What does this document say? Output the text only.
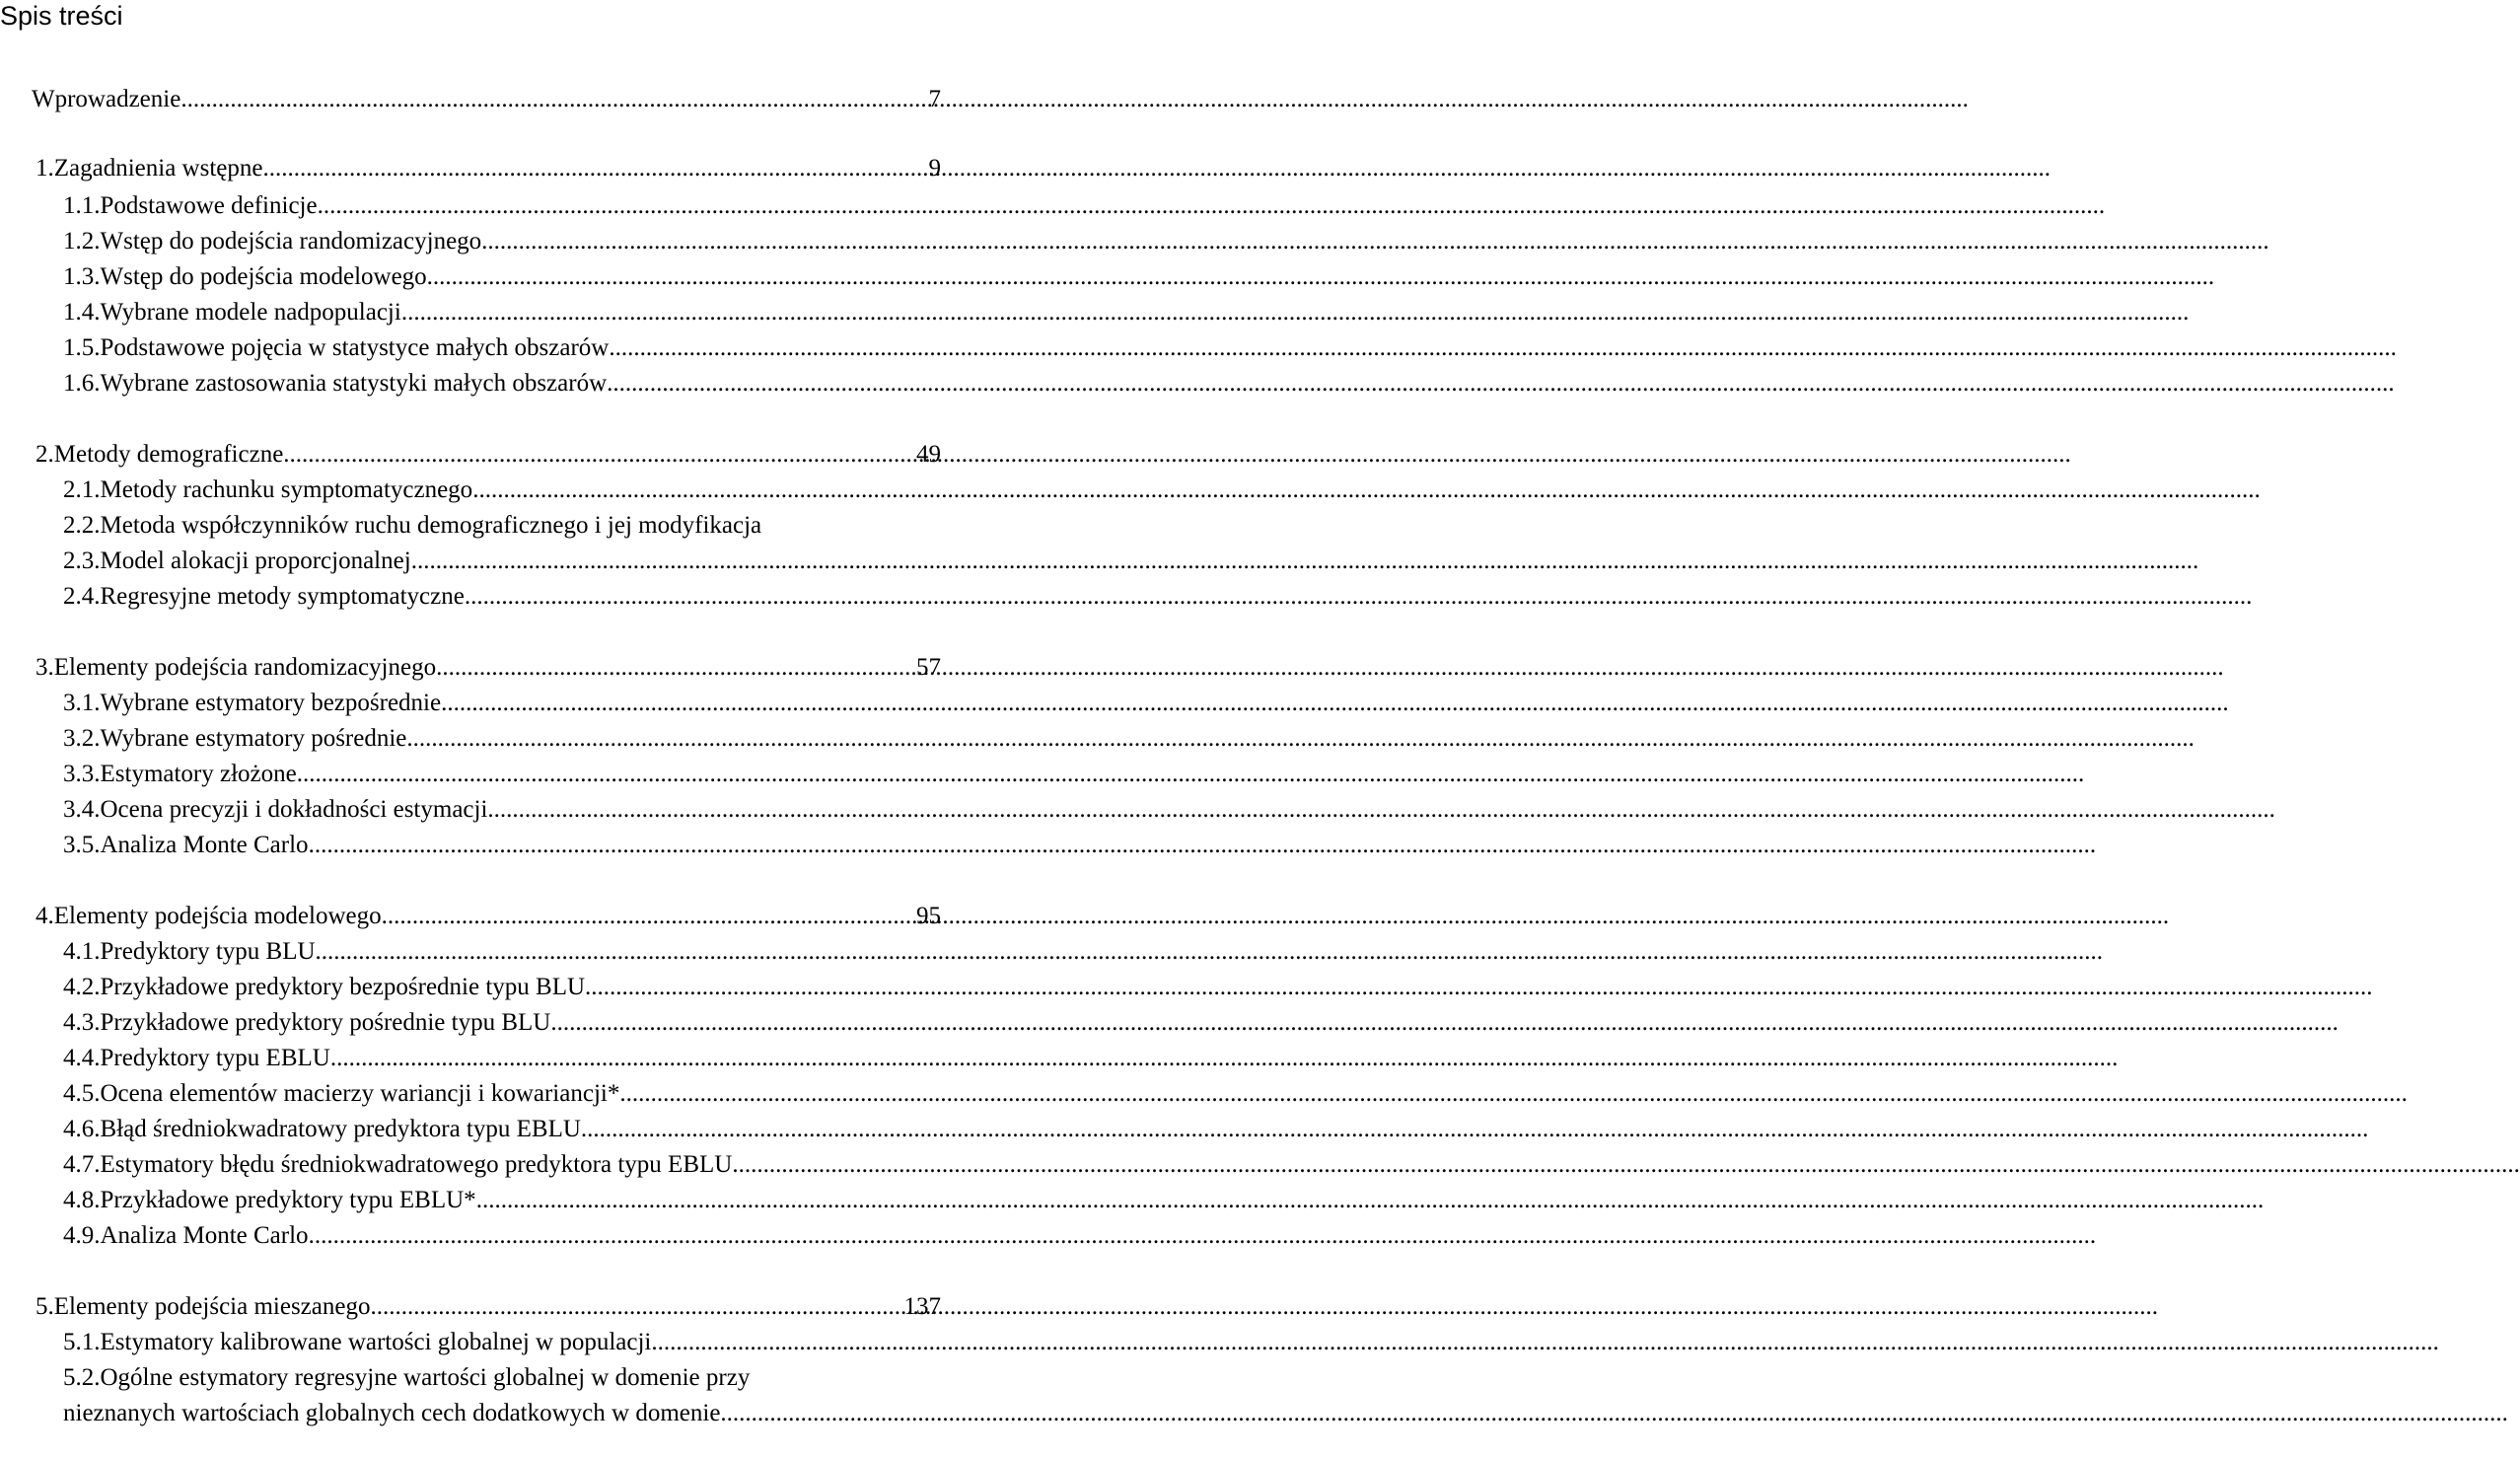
Spis treści
Wprowadzenie .....	7
1. Zagadnienia wstępne .....	9
1.1. Podstawowe definicje
.....
1.2. Wstęp do podejścia randomizacyjnego
.....
1.3. Wstęp do podejścia modelowego
.....
1.4. Wybrane modele nadpopulacji
.....
1.5. Podstawowe pojęcia w statystyce małych obszarów
.....
1.6. Wybrane zastosowania statystyki małych obszarów
.....
2. Metody demograficzne .....	49
2.1. Metody rachunku symptomatycznego
.....
2.2. Metoda współczynników ruchu demograficznego i jej modyfikacja
2.3. Model alokacji proporcjonalnej
.....
2.4. Regresyjne metody symptomatyczne
.....
3. Elementy podejścia randomizacyjnego .....	57
3.1. Wybrane estymatory bezpośrednie
.....
3.2. Wybrane estymatory pośrednie
.....
3.3. Estymatory złożone
.....
3.4. Ocena precyzji i dokładności estymacji
.....
3.5. Analiza Monte Carlo
.....
4. Elementy podejścia modelowego .....	95
4.1. Predyktory typu BLU
.....
4.2. Przykładowe predyktory bezpośrednie typu BLU
.....
4.3. Przykładowe predyktory pośrednie typu BLU
.....
4.4. Predyktory typu EBLU
.....
4.5. Ocena elementów macierzy wariancji i kowariancji*
.....
4.6. Błąd średniokwadratowy predyktora typu EBLU
.....
4.7. Estymatory błędu średniokwadratowego predyktora typu EBLU
.....
4.8. Przykładowe predyktory typu EBLU*
.....
4.9. Analiza Monte Carlo
.....
5. Elementy podejścia mieszanego .....	137
5.1. Estymatory kalibrowane wartości globalnej w populacji
.....
5.2. Ogólne estymatory regresyjne wartości globalnej w domenie przy
nieznanych wartościach globalnych cech dodatkowych w domenie
.....
